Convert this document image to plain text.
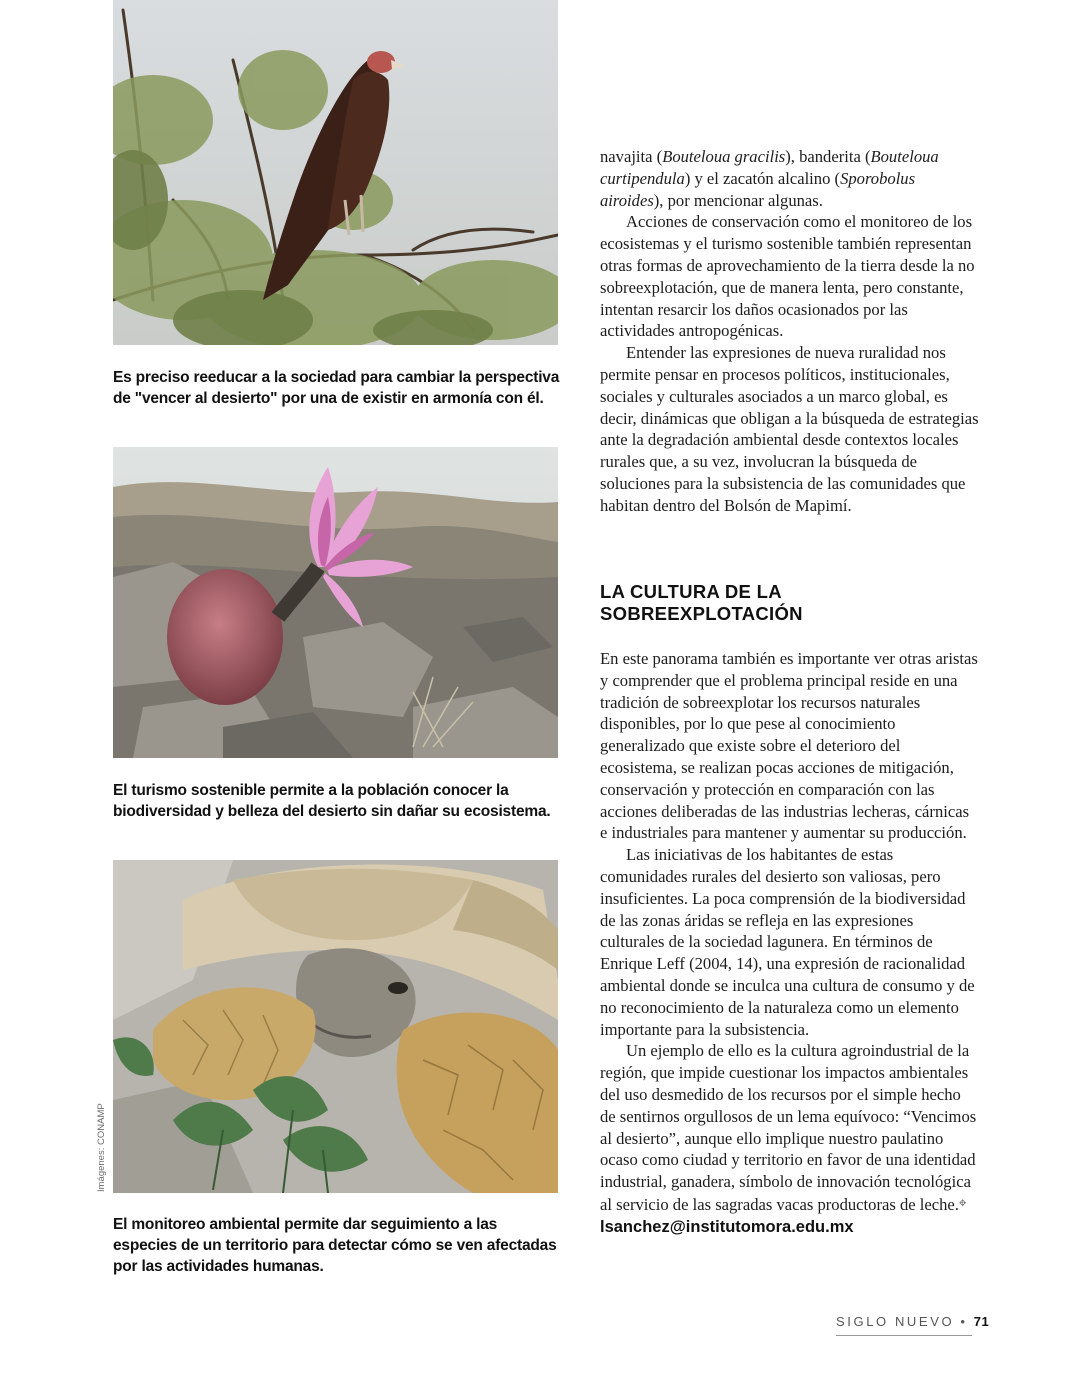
Es preciso reeducar a la sociedad para cambiar la perspectiva de "vencer al desierto" por una de existir en armonía con él.
El turismo sostenible permite a la población conocer la biodiversidad y belleza del desierto sin dañar su ecosistema.
El monitoreo ambiental permite dar seguimiento a las especies de un territorio para detectar cómo se ven afectadas por las actividades humanas.
Imágenes: CONAMP

navajita (Bouteloua gracilis), banderita (Bouteloua curtipendula) y el zacatón alcalino (Sporobolus airoides), por mencionar algunas.

Acciones de conservación como el monitoreo de los ecosistemas y el turismo sostenible también representan otras formas de aprovechamiento de la tierra desde la no sobreexplotación, que de manera lenta, pero constante, intentan resarcir los daños ocasionados por las actividades antropogénicas.

Entender las expresiones de nueva ruralidad nos permite pensar en procesos políticos, institucionales, sociales y culturales asociados a un marco global, es decir, dinámicas que obligan a la búsqueda de estrategias ante la degradación ambiental desde contextos locales rurales que, a su vez, involucran la búsqueda de soluciones para la subsistencia de las comunidades que habitan dentro del Bolsón de Mapimí.

LA CULTURA DE LA SOBREEXPLOTACIÓN

En este panorama también es importante ver otras aristas y comprender que el problema principal reside en una tradición de sobreexplotar los recursos naturales disponibles, por lo que pese al conocimiento generalizado que existe sobre el deterioro del ecosistema, se realizan pocas acciones de mitigación, conservación y protección en comparación con las acciones deliberadas de las industrias lecheras, cárnicas e industriales para mantener y aumentar su producción.

Las iniciativas de los habitantes de estas comunidades rurales del desierto son valiosas, pero insuficientes. La poca comprensión de la biodiversidad de las zonas áridas se refleja en las expresiones culturales de la sociedad lagunera. En términos de Enrique Leff (2004, 14), una expresión de racionalidad ambiental donde se inculca una cultura de consumo y de no reconocimiento de la naturaleza como un elemento importante para la subsistencia.

Un ejemplo de ello es la cultura agroindustrial de la región, que impide cuestionar los impactos ambientales del uso desmedido de los recursos por el simple hecho de sentirnos orgullosos de un lema equívoco: “Vencimos al desierto”, aunque ello implique nuestro paulatino ocaso como ciudad y territorio en favor de una identidad industrial, ganadera, símbolo de innovación tecnológica al servicio de las sagradas vacas productoras de leche.✥

lsanchez@institutomora.edu.mx
SIGLO NUEVO • 71
